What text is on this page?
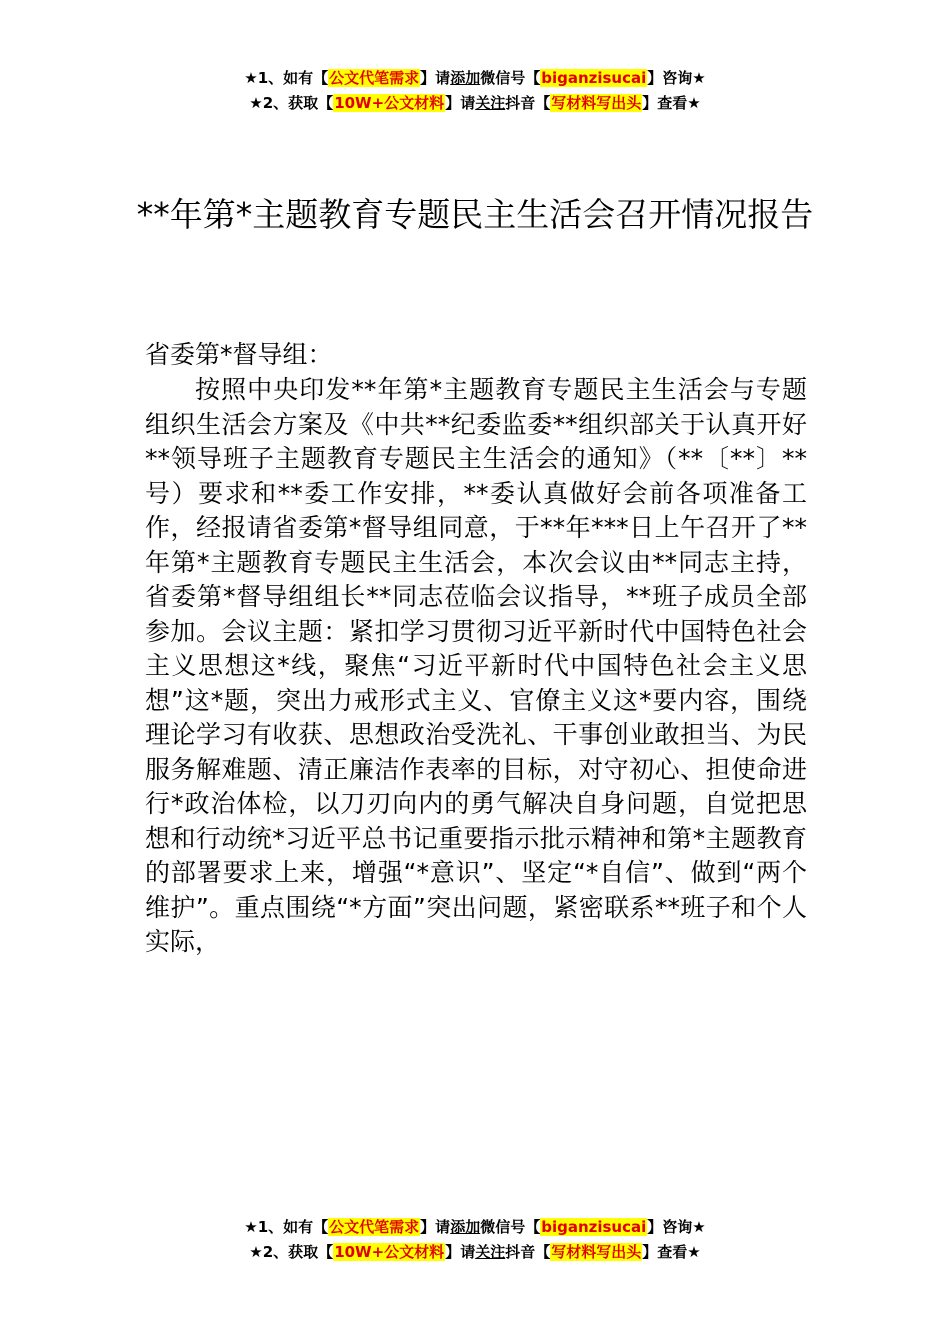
★1、如有【公文代笔需求】请添加微信号【biganzisucai】咨询★
★2、获取【10W+公文材料】请关注抖音【写材料写出头】查看★
**年第*主题教育专题民主生活会召开情况报告

省委第*督导组：

按照中央印发**年第*主题教育专题民主生活会与专题组织生活会方案及《中共**纪委监委**组织部关于认真开好**领导班子主题教育专题民主生活会的通知》（**〔**〕**号）要求和**委工作安排，**委认真做好会前各项准备工作，经报请省委第*督导组同意，于**年***日上午召开了**年第*主题教育专题民主生活会，本次会议由**同志主持，省委第*督导组组长**同志莅临会议指导，**班子成员全部参加。会议主题：紧扣学习贯彻习近平新时代中国特色社会主义思想这*线，聚焦“习近平新时代中国特色社会主义思想”这*题，突出力戒形式主义、官僚主义这*要内容，围绕理论学习有收获、思想政治受洗礼、干事创业敢担当、为民服务解难题、清正廉洁作表率的目标，对守初心、担使命进行*政治体检，以刀刃向内的勇气解决自身问题，自觉把思想和行动统*习近平总书记重要指示批示精神和第*主题教育的部署要求上来，增强“*意识”、坚定“*自信”、做到“两个维护”。重点围绕“*方面”突出问题，紧密联系**班子和个人实际，

★1、如有【公文代笔需求】请添加微信号【biganzisucai】咨询★
★2、获取【10W+公文材料】请关注抖音【写材料写出头】查看★
